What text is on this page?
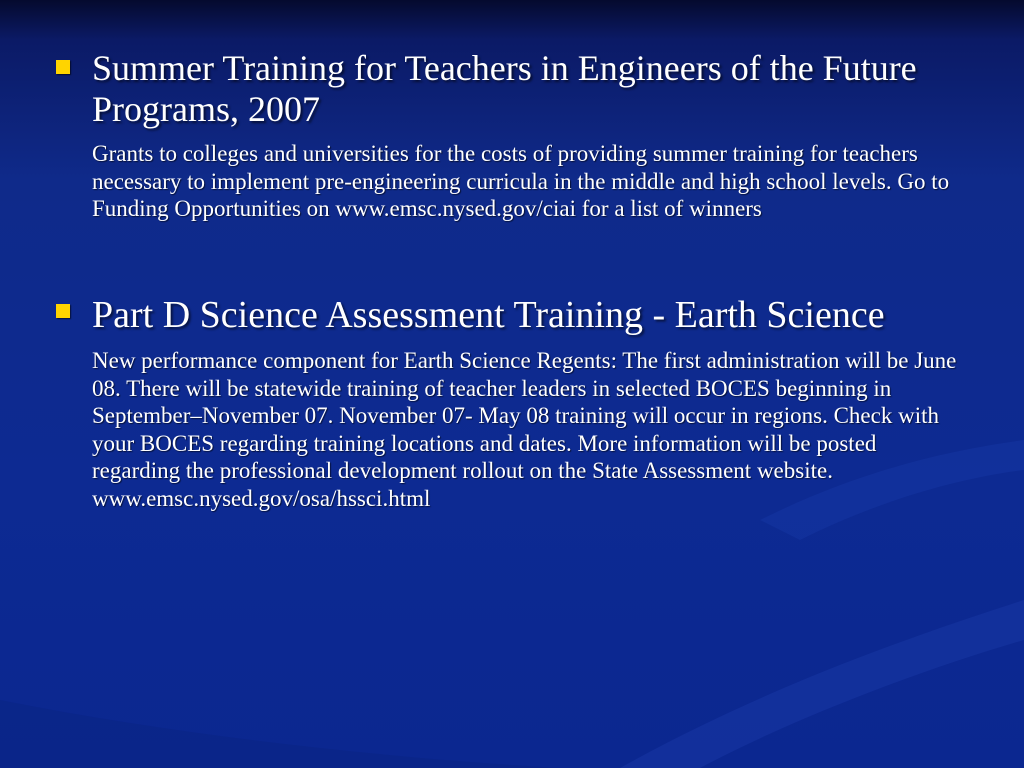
Summer Training for Teachers in Engineers of the Future Programs, 2007
Grants to colleges and universities for the costs of providing summer training for teachers necessary to implement pre-engineering curricula in the middle and high school levels. Go to Funding Opportunities on www.emsc.nysed.gov/ciai for a list of winners
Part D Science Assessment Training - Earth Science
New performance component for Earth Science Regents: The first administration will be June 08. There will be statewide training of teacher leaders in selected BOCES beginning in September–November 07. November 07- May 08 training will occur in regions. Check with your BOCES regarding training locations and dates. More information will be posted regarding the professional development rollout on the State Assessment website. www.emsc.nysed.gov/osa/hssci.html
